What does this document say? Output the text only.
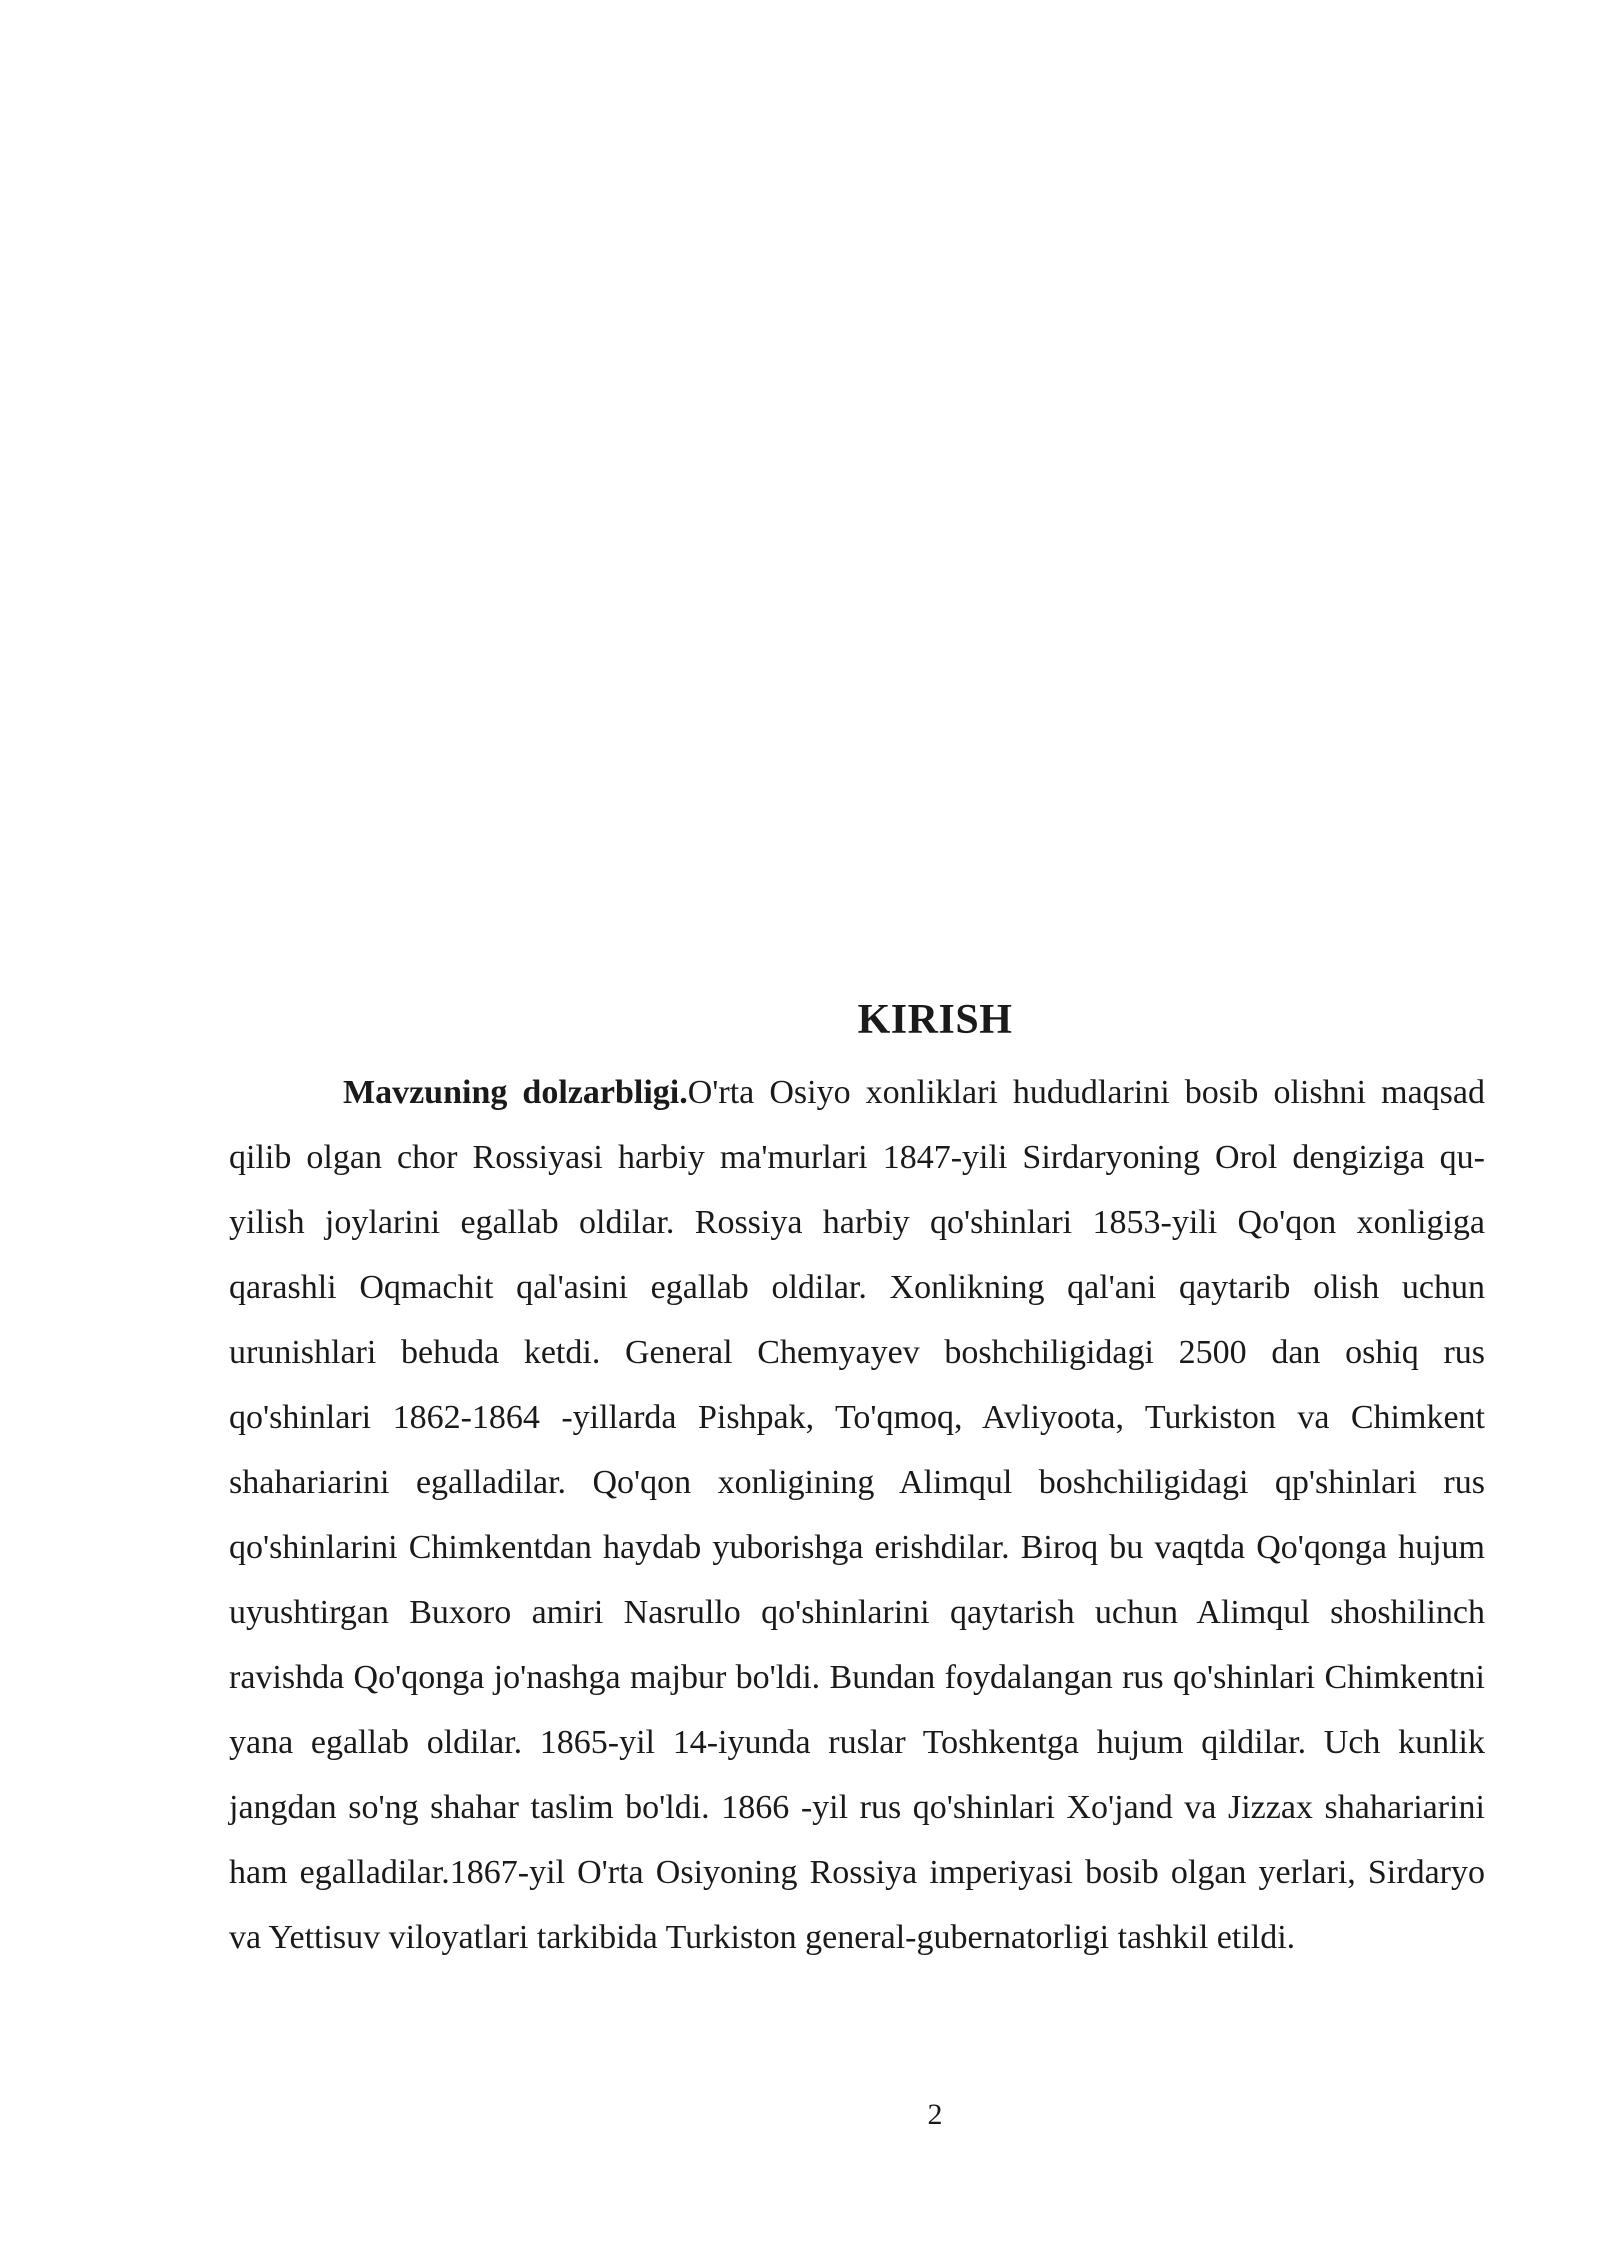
KIRISH

Mavzuning dolzarbligi.O'rta Osiyo xonliklari hududlarini bosib olishni maqsad qilib olgan chor Rossiyasi harbiy ma'murlari 1847-yili Sirdaryoning Orol dengiziga qu-yilish joylarini egallab oldilar. Rossiya harbiy qo'shinlari 1853-yili Qo'qon xonligiga qarashli Oqmachit qal'asini egallab oldilar. Xonlikning qal'ani qaytarib olish uchun urunishlari behuda ketdi. General Chemyayev boshchiligidagi 2500 dan oshiq rus qo'shinlari 1862-1864 -yillarda Pishpak, To'qmoq, Avliyoota, Turkiston va Chimkent shahariarini egalladilar. Qo'qon xonligining Alimqul boshchiligidagi qp'shinlari rus qo'shinlarini Chimkentdan haydab yuborishga erishdilar. Biroq bu vaqtda Qo'qonga hujum uyushtirgan Buxoro amiri Nasrullo qo'shinlarini qaytarish uchun Alimqul shoshilinch ravishda Qo'qonga jo'nashga majbur bo'ldi. Bundan foydalangan rus qo'shinlari Chimkentni yana egallab oldilar. 1865-yil 14-iyunda ruslar Toshkentga hujum qildilar. Uch kunlik jangdan so'ng shahar taslim bo'ldi. 1866 -yil rus qo'shinlari Xo'jand va Jizzax shahariarini ham egalladilar.1867-yil O'rta Osiyoning Rossiya imperiyasi bosib olgan yerlari, Sirdaryo va Yettisuv viloyatlari tarkibida Turkiston general-gubernatorligi tashkil etildi.

2
